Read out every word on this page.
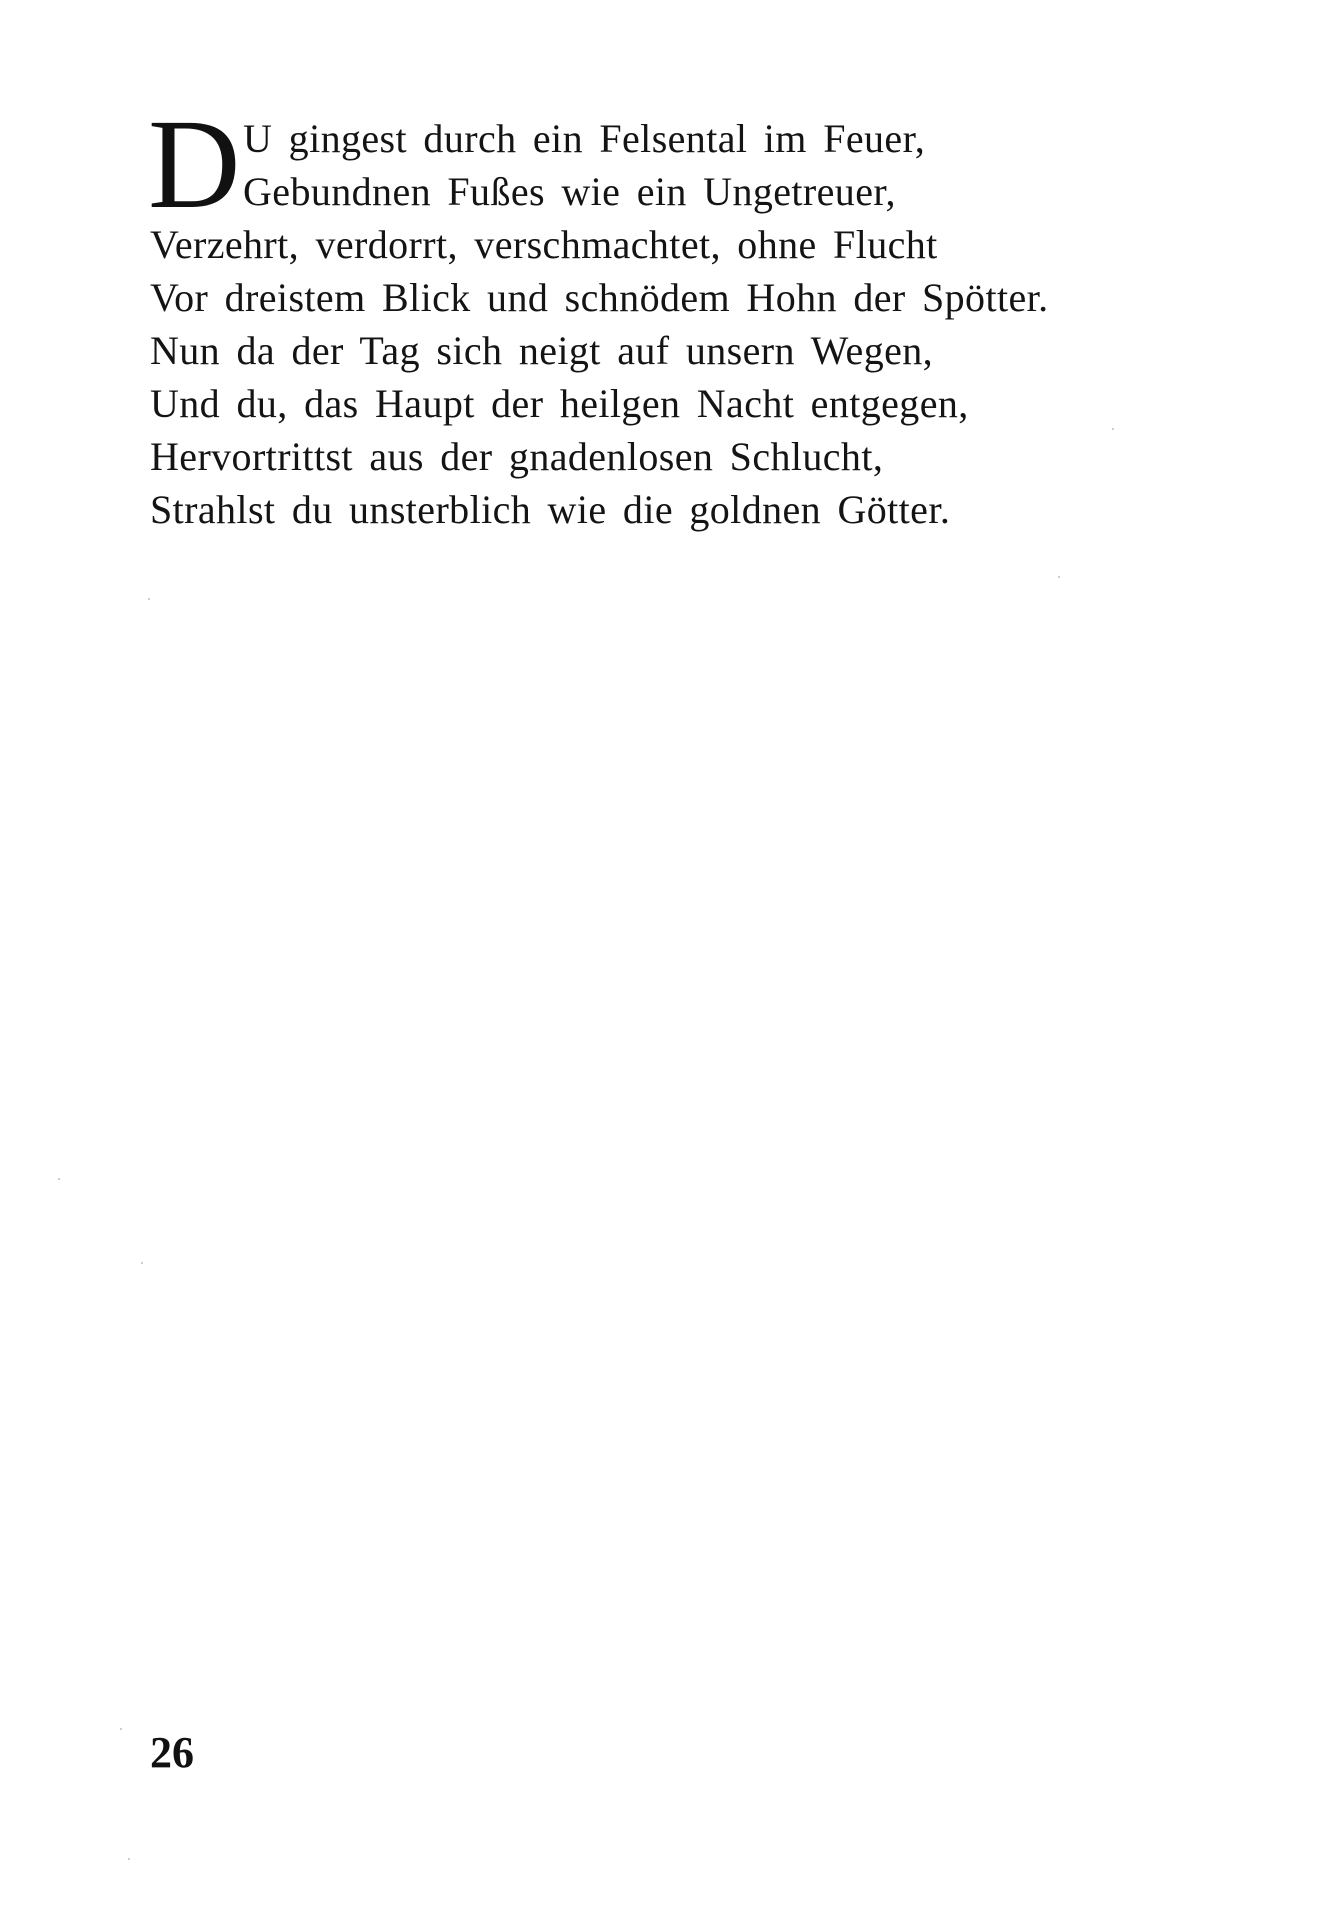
D U gingest durch ein Felsental im Feuer,
Gebundnen Fußes wie ein Ungetreuer,
Verzehrt, verdorrt, verschmachtet, ohne Flucht
Vor dreistem Blick und schnödem Hohn der Spötter.
Nun da der Tag sich neigt auf unsern Wegen,
Und du, das Haupt der heilgen Nacht entgegen,
Hervortrittst aus der gnadenlosen Schlucht,
Strahlst du unsterblich wie die goldnen Götter.
26
